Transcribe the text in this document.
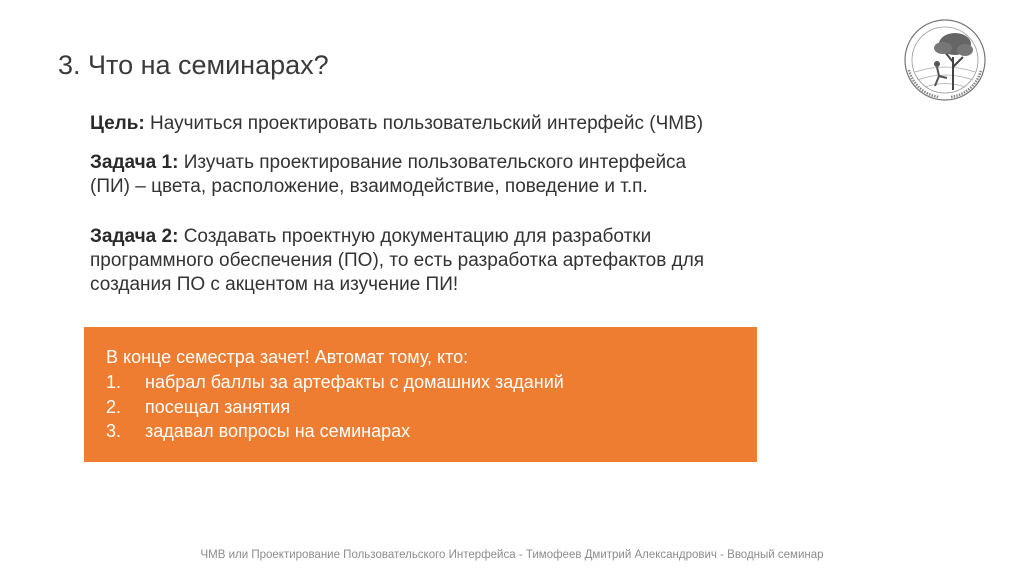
3. Что на семинарах?
Цель: Научиться проектировать пользовательский интерфейс (ЧМВ)
Задача 1: Изучать проектирование пользовательского интерфейса
(ПИ) – цвета, расположение, взаимодействие, поведение и т.п.
Задача 2: Создавать проектную документацию для разработки
программного обеспечения (ПО), то есть разработка артефактов для
создания ПО с акцентом на изучение ПИ!
В конце семестра зачет! Автомат тому, кто:
1.	набрал баллы за артефакты с домашних заданий
2.	посещал занятия
3.	задавал вопросы на семинарах
ЧМВ или Проектирование Пользовательского Интерфейса - Тимофеев Дмитрий Александрович - Вводный семинар
